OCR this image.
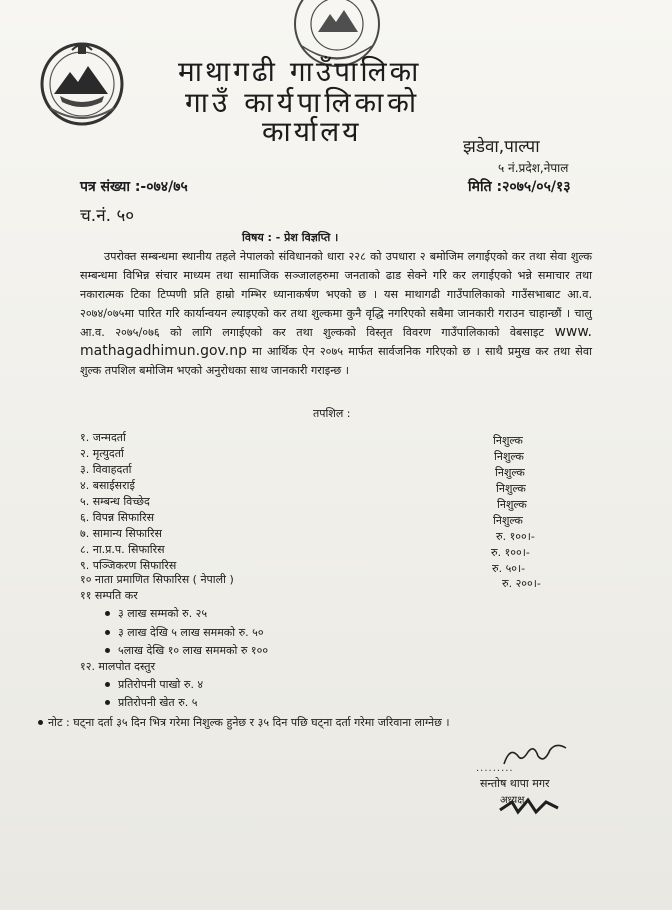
माथागढी गाउँपालिका
गाउँ कार्यपालिकाको
कार्यालय	झडेवा,पाल्पा
५ नं.प्रदेश,नेपाल
पत्र संख्या :-०७४/७५
च.नं. ५०
मिति :२०७५/०५/१३
विषय : - प्रेश विज्ञप्ति ।
उपरोक्त सम्बन्धमा स्थानीय तहले नेपालको संविधानको धारा २२८ को उपधारा २ बमोजिम लगाईएको कर तथा सेवा शुल्क सम्बन्धमा विभिन्न संचार माध्यम तथा सामाजिक सञ्जालहरुमा जनताको ढाड सेक्ने गरि कर लगाईएको भन्ने समाचार तथा नकारात्मक टिका टिप्पणी प्रति हाम्रो गम्भिर ध्यानाकर्षण भएको छ । यस माथागढी गाउँपालिकाको गाउँसभाबाट आ.व. २०७४/०७५मा पारित गरि कार्यान्वयन ल्याइएको कर तथा शुल्कमा कुनै वृद्धि नगरिएको सबैमा जानकारी गराउन चाहान्छौं । चालु आ.व. २०७५/०७६ को लागि लगाईएको कर तथा शुल्कको विस्तृत विवरण गाउँपालिकाको वेबसाइट www. mathagadhimun.gov.np मा आर्थिक ऐन २०७५ मार्फत सार्वजनिक गरिएको छ । साथै प्रमुख कर तथा सेवा शुल्क तपशिल बमोजिम भएको अनुरोधका साथ जानकारी गराइन्छ ।
तपशिल :
१. जन्मदर्ता	निशुल्क
२. मृत्युदर्ता	निशुल्क
३. विवाहदर्ता	निशुल्क
४. बसाईसराई	निशुल्क
५. सम्बन्ध विच्छेद	निशुल्क
६. विपन्न सिफारिस	निशुल्क
७. सामान्य सिफारिस	रु. १००।-
८. ना.प्र.प. सिफारिस	रु. १००।-
९. पञ्जिकरण सिफारिस	रु. ५०।-
१० नाता प्रमाणित सिफारिस ( नेपाली )	रु. २००।-
११ सम्पति कर
३ लाख सम्मको रु. २५
३ लाख देखि ५ लाख सममको रु. ५०
५लाख देखि १० लाख सममको रु १००
१२. मालपोत दस्तुर
प्रतिरोपनी पाखो रु. ४
प्रतिरोपनी खेत रु. ५
नोट : घट्ना दर्ता ३५ दिन भित्र गरेमा निशुल्क हुनेछ र ३५ दिन पछि घट्ना दर्ता गरेमा जरिवाना लाग्नेछ ।
.........
सन्तोष थापा मगर
अध्यक्ष
